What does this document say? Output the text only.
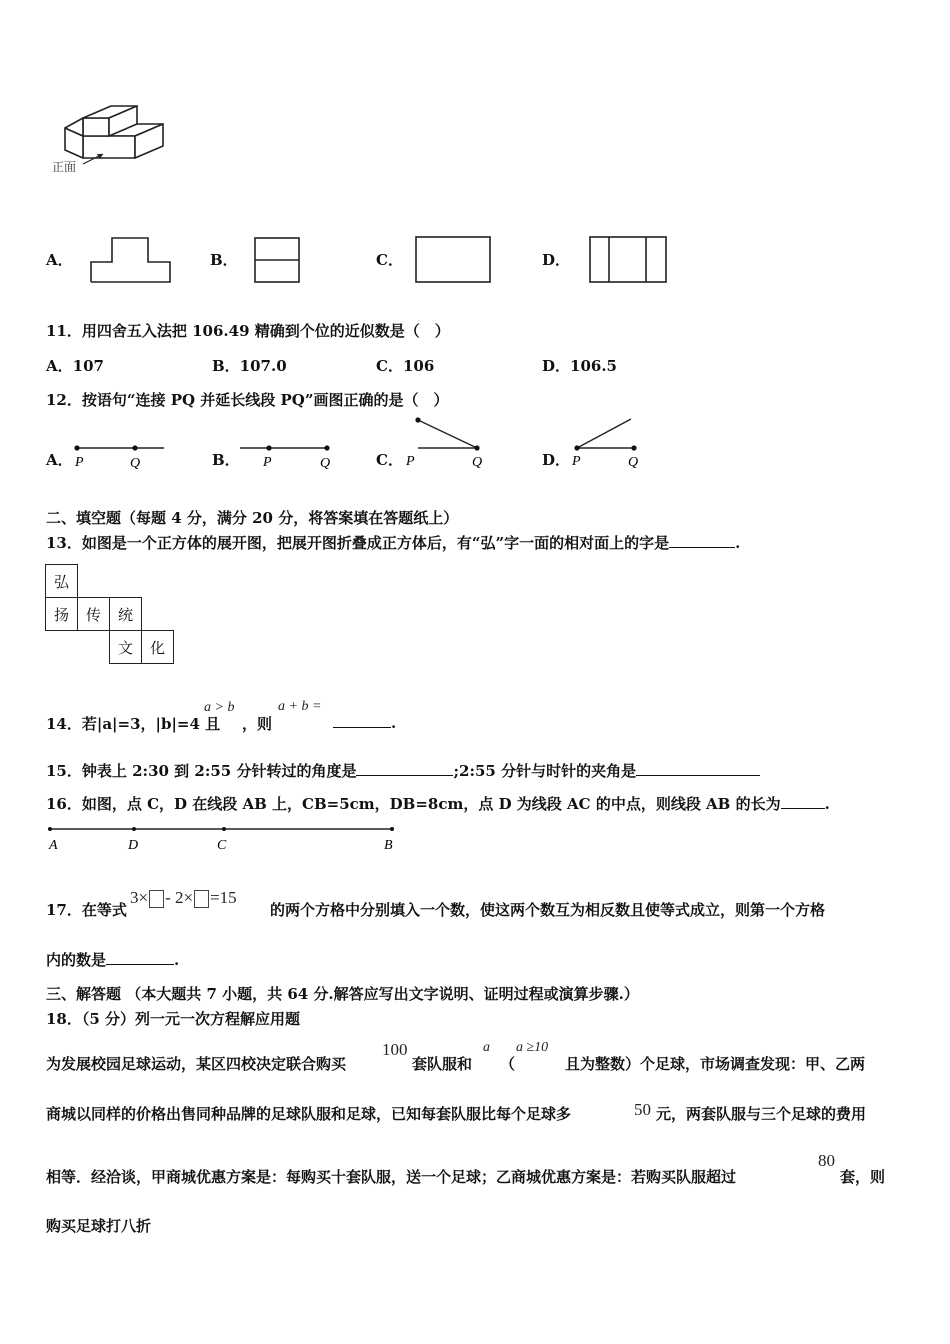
正面
A．	B．	C．	D．
11．用四舍五入法把 106.49 精确到个位的近似数是（　）
A．107	B．107.0	C．106	D．106.5
12．按语句“连接 PQ 并延长线段 PQ”画图正确的是（　）
A． P	Q	B． P	Q	C． P	Q	D． P	Q
二、填空题（每题 4 分，满分 20 分，将答案填在答题纸上）
13．如图是一个正方体的展开图，把展开图折叠成正方体后，有“弘”字一面的相对面上的字是	.
弘			
扬	传	统	
		文	化
14．若|a|=3，|b|=4 且
a > b
，则
a + b =
.
15．钟表上 2:30 到 2:55 分针转过的角度是	;2:55 分针与时针的夹角是
16．如图，点 C，D 在线段 AB 上，CB=5cm，DB=8cm，点 D 为线段 AC 的中点，则线段 AB 的长为	.
A	D	C	B
17．在等式
3× - 2× =15
的两个方格中分别填入一个数，使这两个数互为相反数且使等式成立，则第一个方格
内的数是	.
三、解答题 （本大题共 7 小题，共 64 分.解答应写出文字说明、证明过程或演算步骤.）
18．（5 分）列一元一次方程解应用题
为发展校园足球运动，某区四校决定联合购买
100
套队服和
a
（
a ≥10
且为整数）个足球，市场调查发现：甲、乙两
商城以同样的价格出售同种品牌的足球队服和足球，已知每套队服比每个足球多	50 元，两套队服与三个足球的费用
相等．经洽谈，甲商城优惠方案是：每购买十套队服，送一个足球；乙商城优惠方案是：若购买队服超过
80
套，则
购买足球打八折
